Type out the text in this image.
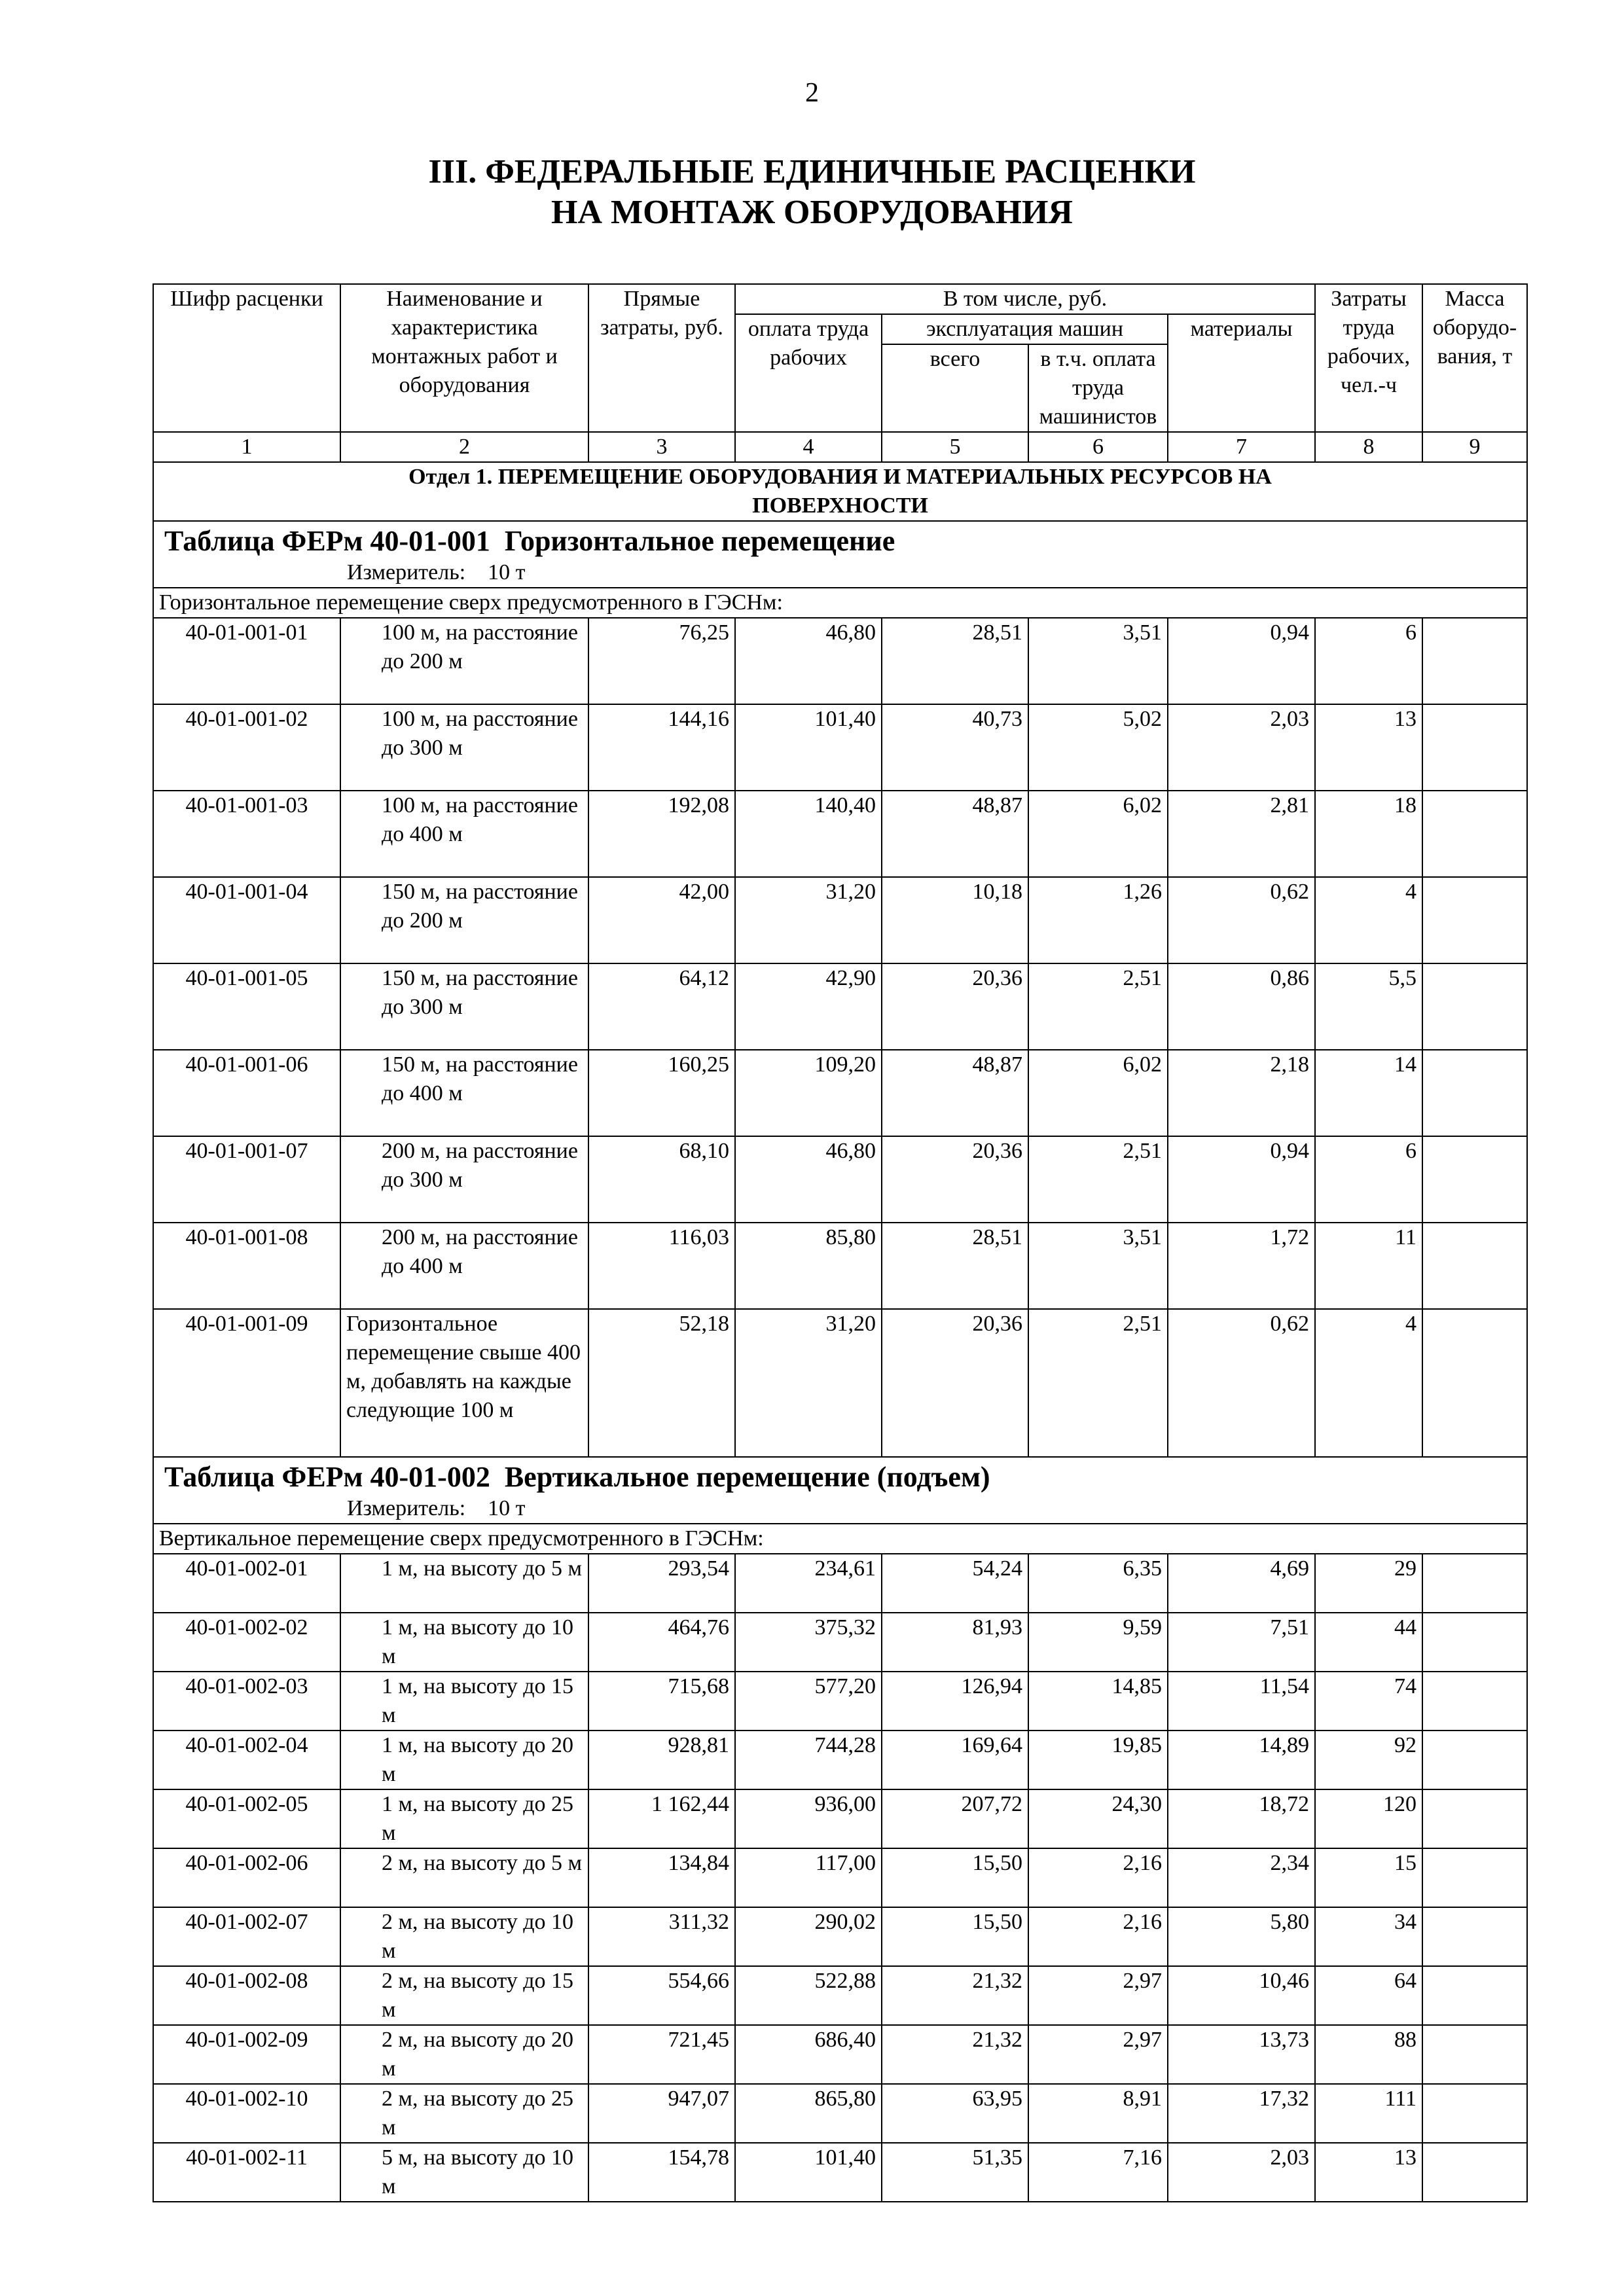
2
III. ФЕДЕРАЛЬНЫЕ ЕДИНИЧНЫЕ РАСЦЕНКИ
НА МОНТАЖ ОБОРУДОВАНИЯ
Шифр расценки	Наименование и характеристика монтажных работ и оборудования	Прямые затраты, руб.	В том числе, руб.				Затраты труда рабочих, чел.-ч	Масса оборудо-вания, т
			оплата труда рабочих	эксплуатация машин		материалы		
				всего	в т.ч. оплата труда машинистов			

1	2	3	4	5	6	7	8	9

Отдел 1. ПЕРЕМЕЩЕНИЕ ОБОРУДОВАНИЯ И МАТЕРИАЛЬНЫХ РЕСУРСОВ НА
ПОВЕРХНОСТИ								

Таблица ФЕРм 40-01-001  Горизонтальное перемещение
Измеритель:    10 т								

Горизонтальное перемещение сверх предусмотренного в ГЭСНм:								
40-01-001-01	100 м, на расстояние до 200 м	76,25	46,80	28,51	3,51	0,94	6	
40-01-001-02	100 м, на расстояние до 300 м	144,16	101,40	40,73	5,02	2,03	13	
40-01-001-03	100 м, на расстояние до 400 м	192,08	140,40	48,87	6,02	2,81	18	
40-01-001-04	150 м, на расстояние до 200 м	42,00	31,20	10,18	1,26	0,62	4	
40-01-001-05	150 м, на расстояние до 300 м	64,12	42,90	20,36	2,51	0,86	5,5	
40-01-001-06	150 м, на расстояние до 400 м	160,25	109,20	48,87	6,02	2,18	14	
40-01-001-07	200 м, на расстояние до 300 м	68,10	46,80	20,36	2,51	0,94	6	
40-01-001-08	200 м, на расстояние до 400 м	116,03	85,80	28,51	3,51	1,72	11	
40-01-001-09	Горизонтальное перемещение свыше 400 м, добавлять на каждые следующие 100 м	52,18	31,20	20,36	2,51	0,62	4	

Таблица ФЕРм 40-01-002  Вертикальное перемещение (подъем)
Измеритель:    10 т								

Вертикальное перемещение сверх предусмотренного в ГЭСНм:								
40-01-002-01	1 м, на высоту до 5 м	293,54	234,61	54,24	6,35	4,69	29	
40-01-002-02	1 м, на высоту до 10 м	464,76	375,32	81,93	9,59	7,51	44	
40-01-002-03	1 м, на высоту до 15 м	715,68	577,20	126,94	14,85	11,54	74	
40-01-002-04	1 м, на высоту до 20 м	928,81	744,28	169,64	19,85	14,89	92	
40-01-002-05	1 м, на высоту до 25 м	1 162,44	936,00	207,72	24,30	18,72	120	
40-01-002-06	2 м, на высоту до 5 м	134,84	117,00	15,50	2,16	2,34	15	
40-01-002-07	2 м, на высоту до 10 м	311,32	290,02	15,50	2,16	5,80	34	
40-01-002-08	2 м, на высоту до 15 м	554,66	522,88	21,32	2,97	10,46	64	
40-01-002-09	2 м, на высоту до 20 м	721,45	686,40	21,32	2,97	13,73	88	
40-01-002-10	2 м, на высоту до 25 м	947,07	865,80	63,95	8,91	17,32	111	
40-01-002-11	5 м, на высоту до 10 м	154,78	101,40	51,35	7,16	2,03	13	
